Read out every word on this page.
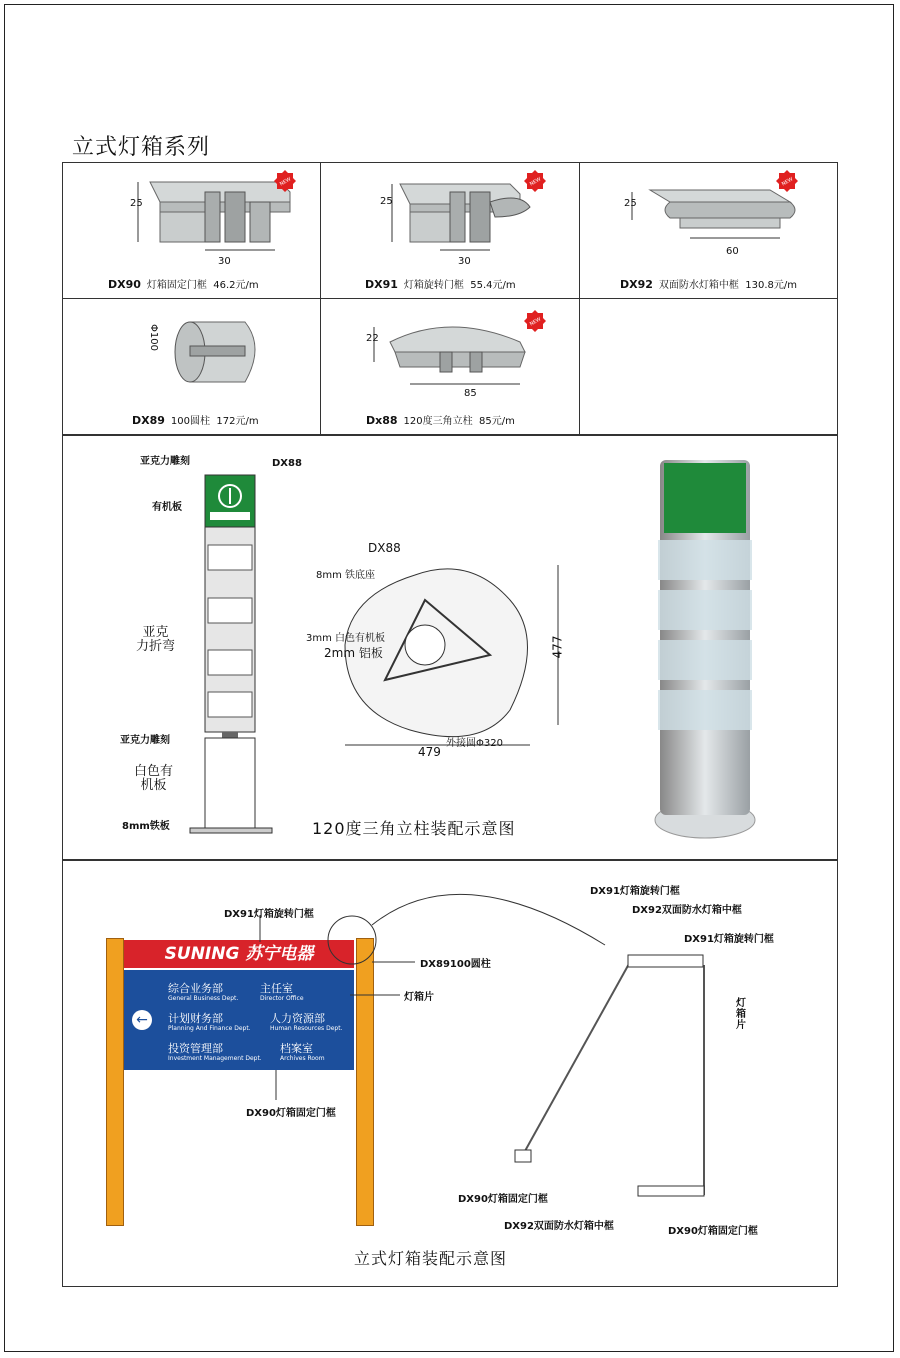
立式灯箱系列
25
30
DX90 灯箱固定门框 46.2元/m
25
30
DX91 灯箱旋转门框 55.4元/m
25
60
DX92 双面防水灯箱中框 130.8元/m
Φ100
DX89 100圆柱 172元/m
22
85
Dx88 120度三角立柱 85元/m
NEW	NEW	NEW
NEW
亚克力雕刻	DX88
有机板
亚克
力折弯
亚克力雕刻
白色有
机板
8mm铁板
DX88
8mm 铁底座
3mm 白色有机板
2mm 铝板	477
479
外接圆Φ320
120度三角立柱装配示意图
SUNING 苏宁电器
←
综合业务部
General Business Dept.
主任室
Director Office
计划财务部
Planning And Finance Dept.
人力资源部
Human Resources Dept.
投资管理部
Investment Management Dept.
档案室
Archives Room
DX91灯箱旋转门框
DX89100圆柱
灯箱片
DX90灯箱固定门框
DX91灯箱旋转门框
DX92双面防水灯箱中框
DX91灯箱旋转门框
灯
箱
片
DX90灯箱固定门框
DX92双面防水灯箱中框	DX90灯箱固定门框
立式灯箱装配示意图
